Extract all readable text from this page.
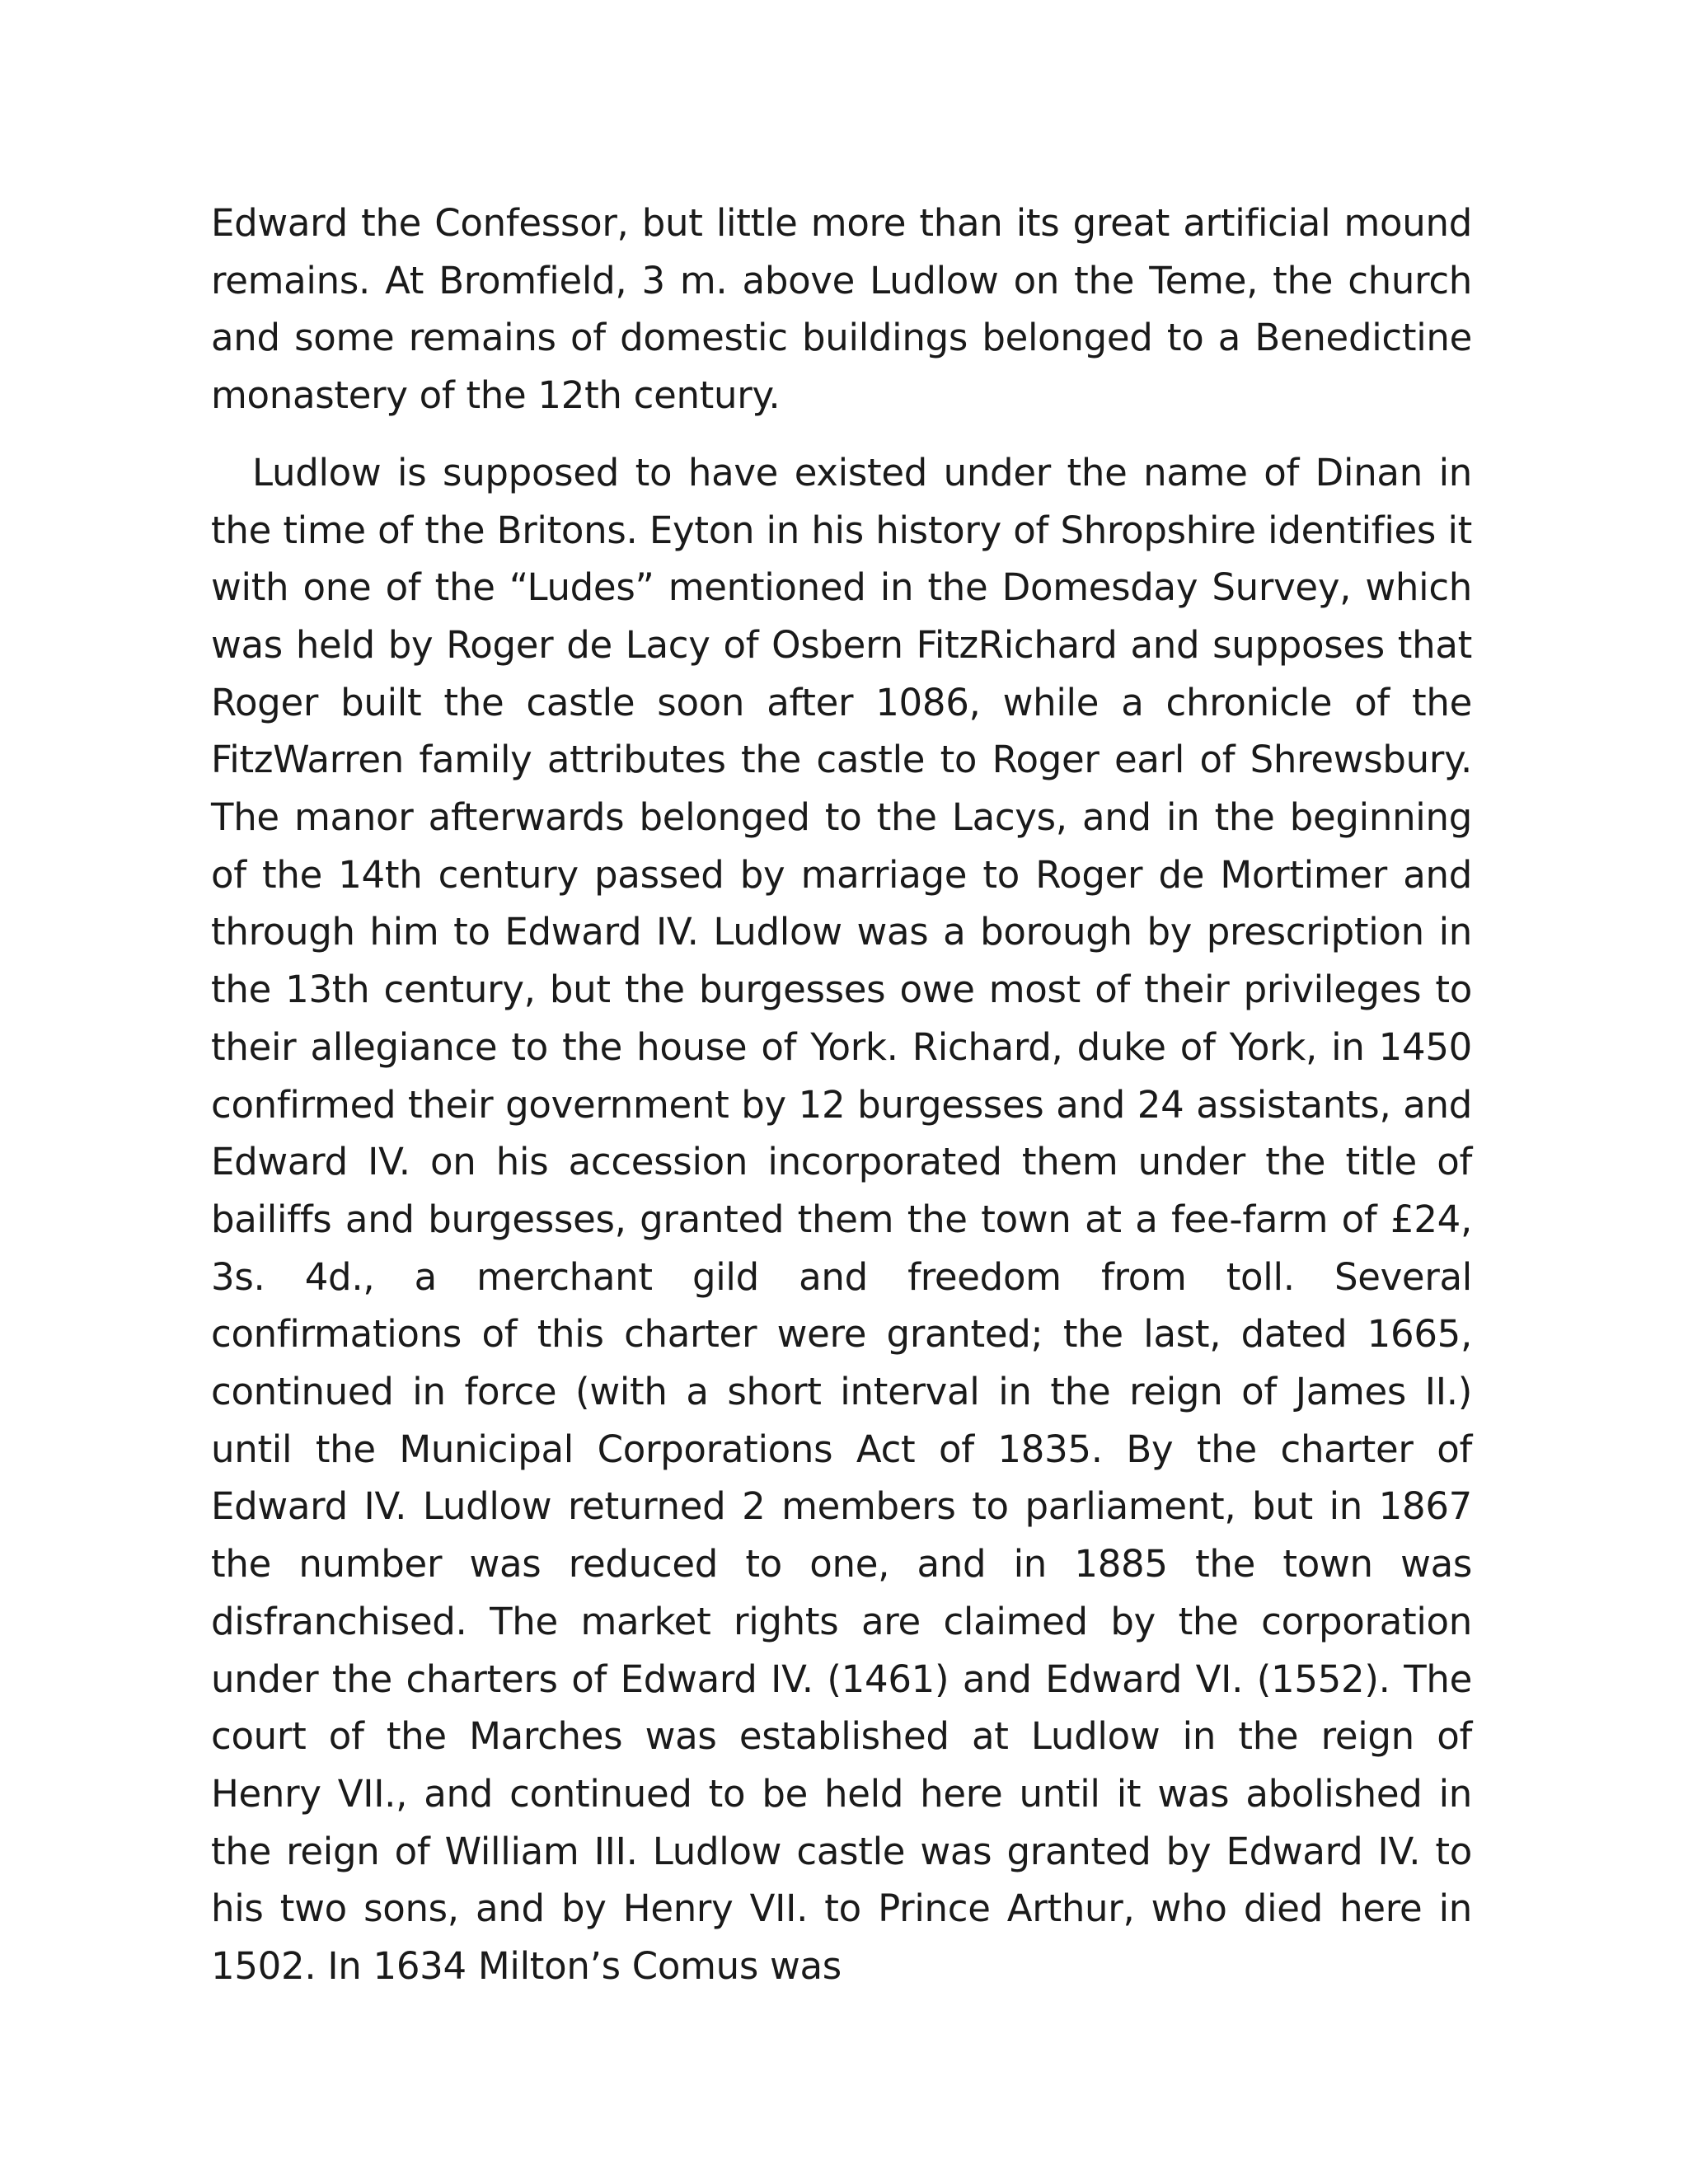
Edward the Confessor, but little more than its great artificial mound remains. At Bromfield, 3 m. above Ludlow on the Teme, the church and some remains of domestic buildings belonged to a Benedictine monastery of the 12th century.

Ludlow is supposed to have existed under the name of Dinan in the time of the Britons. Eyton in his history of Shropshire identifies it with one of the “Ludes” mentioned in the Domesday Survey, which was held by Roger de Lacy of Osbern FitzRichard and supposes that Roger built the castle soon after 1086, while a chronicle of the FitzWarren family attributes the castle to Roger earl of Shrewsbury. The manor afterwards belonged to the Lacys, and in the beginning of the 14th century passed by marriage to Roger de Mortimer and through him to Edward IV. Ludlow was a borough by prescription in the 13th century, but the burgesses owe most of their privileges to their allegiance to the house of York. Richard, duke of York, in 1450 confirmed their government by 12 burgesses and 24 assistants, and Edward IV. on his accession incorporated them under the title of bailiffs and burgesses, granted them the town at a fee-farm of £24, 3s. 4d., a merchant gild and freedom from toll. Several confirmations of this charter were granted; the last, dated 1665, continued in force (with a short interval in the reign of James II.) until the Municipal Corporations Act of 1835. By the charter of Edward IV. Ludlow returned 2 members to parliament, but in 1867 the number was reduced to one, and in 1885 the town was disfranchised. The market rights are claimed by the corporation under the charters of Edward IV. (1461) and Edward VI. (1552). The court of the Marches was established at Ludlow in the reign of Henry VII., and continued to be held here until it was abolished in the reign of William III. Ludlow castle was granted by Edward IV. to his two sons, and by Henry VII. to Prince Arthur, who died here in 1502. In 1634 Milton’s Comus was
